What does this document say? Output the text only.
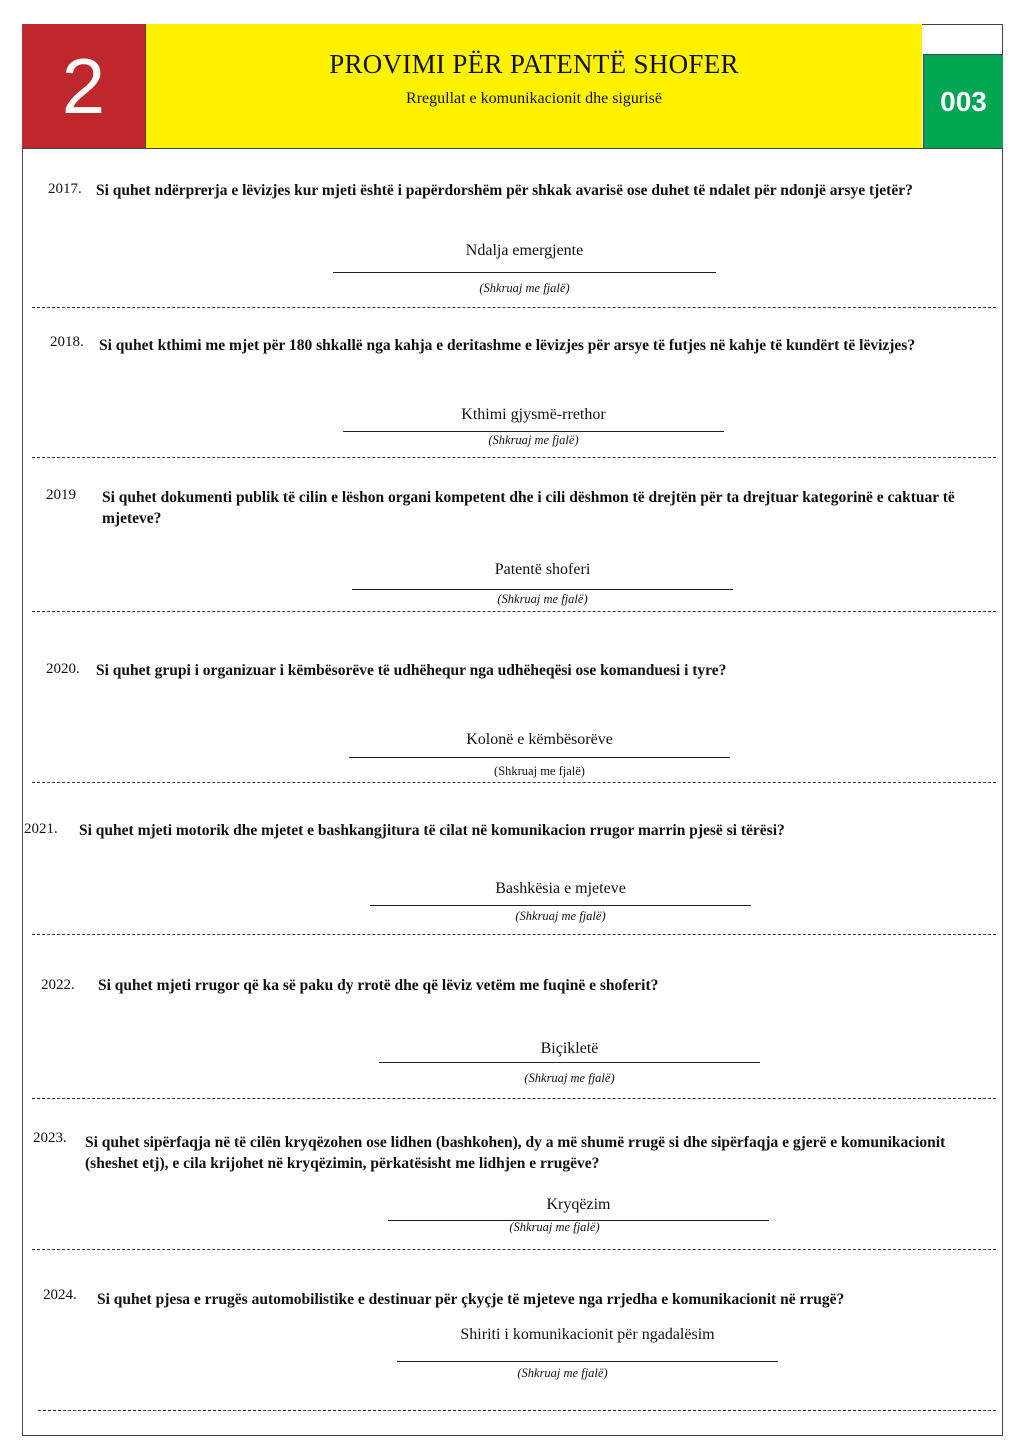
2	PROVIMI PËR PATENTË SHOFER
Rregullat e komunikacionit dhe sigurisë	003
2017. Si quhet ndërprerja e lëvizjes kur mjeti është i papërdorshëm për shkak avarisë ose duhet të ndalet për ndonjë arsye tjetër?
Ndalja emergjente
(Shkruaj me fjalë)
2018. Si quhet kthimi me mjet për 180 shkallë nga kahja e deritashme e lëvizjes për arsye të futjes në kahje të kundërt të lëvizjes?
Kthimi gjysmë-rrethor
(Shkruaj me fjalë)
2019 Si quhet dokumenti publik të cilin e lëshon organi kompetent dhe i cili dëshmon të drejtën për ta drejtuar kategorinë e caktuar të mjeteve?
Patentë shoferi
(Shkruaj me fjalë)
2020. Si quhet grupi i organizuar i këmbësorëve të udhëhequr nga udhëheqësi ose komanduesi i tyre?
Kolonë e këmbësorëve
(Shkruaj me fjalë)
2021. Si quhet mjeti motorik dhe mjetet e bashkangjitura të cilat në komunikacion rrugor marrin pjesë si tërësi?
Bashkësia e mjeteve
(Shkruaj me fjalë)
2022. Si quhet mjeti rrugor që ka së paku dy rrotë dhe që lëviz vetëm me fuqinë e shoferit?
Biçikletë
(Shkruaj me fjalë)
2023. Si quhet sipërfaqja në të cilën kryqëzohen ose lidhen (bashkohen), dy a më shumë rrugë si dhe sipërfaqja e gjerë e komunikacionit (sheshet etj), e cila krijohet në kryqëzimin, përkatësisht me lidhjen e rrugëve?
Kryqëzim
(Shkruaj me fjalë)
2024. Si quhet pjesa e rrugës automobilistike e destinuar për çkyçje të mjeteve nga rrjedha e komunikacionit në rrugë?
Shiriti i komunikacionit për ngadalësim
(Shkruaj me fjalë)
